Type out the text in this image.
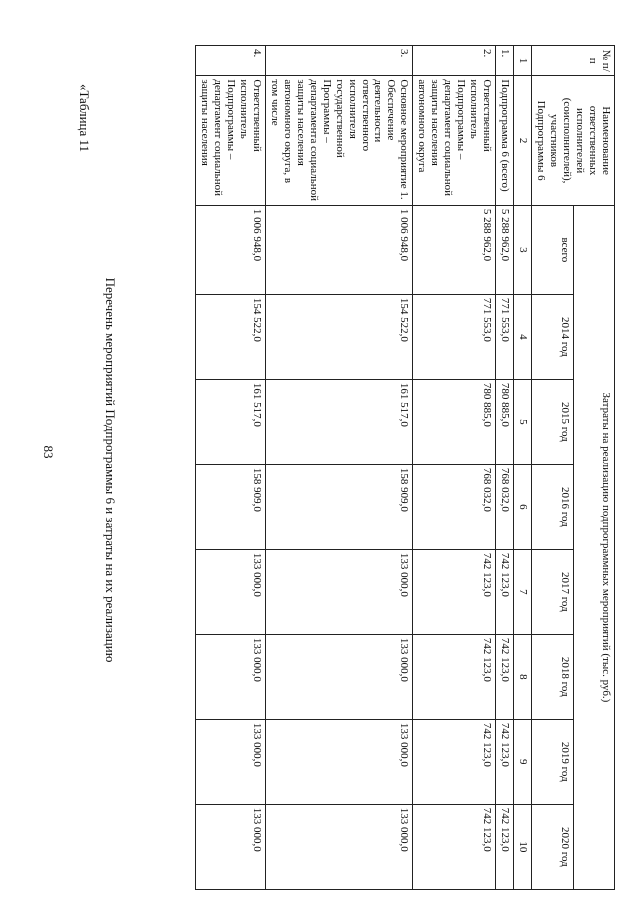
83
«Таблица 11
Перечень мероприятий Подпрограммы 6 и затраты на их реализацию
№ п/п	Наименование ответственных исполнителей (соисполнителей), участников Подпрограммы 6	Затраты на реализацию подпрограммных мероприятий (тыс. руб.)							
		всего	2014 год	2015 год	2016 год	2017 год	2018 год	2019 год	2020 год
1	2	3	4	5	6	7	8	9	10
1.	Подпрограмма 6 (всего)	5 288 962,0	771 553,0	780 885,0	768 032,0	742 123,0	742 123,0	742 123,0	742 123,0
2.	Ответственный исполнитель Подпрограммы – департамент социальной защиты населения автономного округа	5 288 962,0	771 553,0	780 885,0	768 032,0	742 123,0	742 123,0	742 123,0	742 123,0
3.	Основное мероприятие 1. Обеспечение деятельности ответственного исполнителя государственной Программы – департамента социальной защиты населения автономного округа, в том числе	1 006 948,0	154 522,0	161 517,0	158 909,0	133 000,0	133 000,0	133 000,0	133 000,0
4.	Ответственный исполнитель Подпрограммы – департамент социальной защиты населения	1 006 948,0	154 522,0	161 517,0	158 909,0	133 000,0	133 000,0	133 000,0	133 000,0
